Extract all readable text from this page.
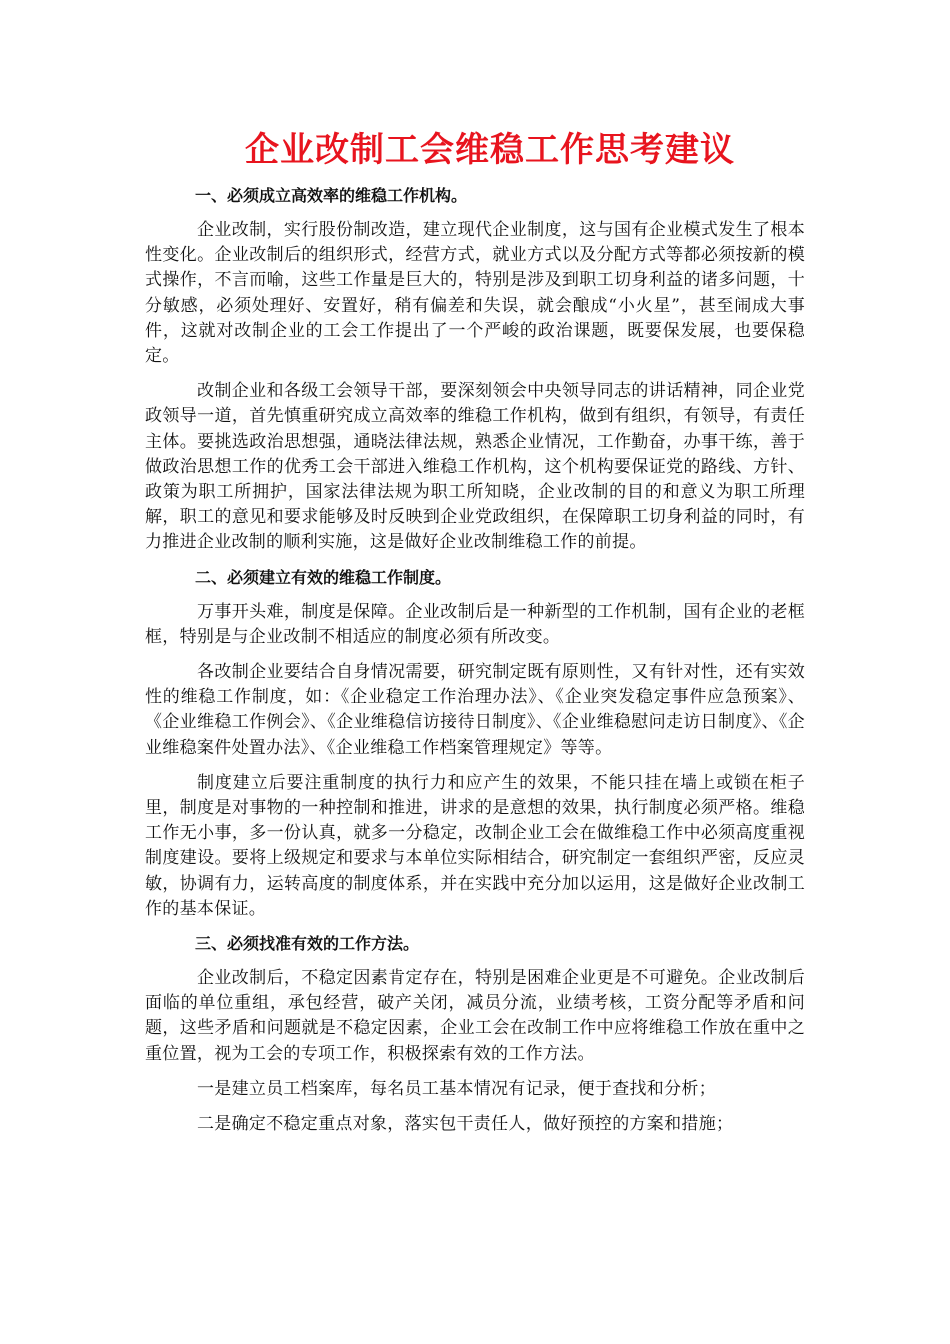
企业改制工会维稳工作思考建议

一、必须成立高效率的维稳工作机构。

企业改制，实行股份制改造，建立现代企业制度，这与国有企业模式发生了根本性变化。企业改制后的组织形式，经营方式，就业方式以及分配方式等都必须按新的模式操作，不言而喻，这些工作量是巨大的，特别是涉及到职工切身利益的诸多问题，十分敏感，必须处理好、安置好，稍有偏差和失误，就会酿成“小火星”，甚至闹成大事件，这就对改制企业的工会工作提出了一个严峻的政治课题，既要保发展，也要保稳定。

改制企业和各级工会领导干部，要深刻领会中央领导同志的讲话精神，同企业党政领导一道，首先慎重研究成立高效率的维稳工作机构，做到有组织，有领导，有责任主体。要挑选政治思想强，通晓法律法规，熟悉企业情况，工作勤奋，办事干练，善于做政治思想工作的优秀工会干部进入维稳工作机构，这个机构要保证党的路线、方针、政策为职工所拥护，国家法律法规为职工所知晓，企业改制的目的和意义为职工所理解，职工的意见和要求能够及时反映到企业党政组织，在保障职工切身利益的同时，有力推进企业改制的顺利实施，这是做好企业改制维稳工作的前提。

二、必须建立有效的维稳工作制度。

万事开头难，制度是保障。企业改制后是一种新型的工作机制，国有企业的老框框，特别是与企业改制不相适应的制度必须有所改变。

各改制企业要结合自身情况需要，研究制定既有原则性，又有针对性，还有实效性的维稳工作制度，如：《企业稳定工作治理办法》、《企业突发稳定事件应急预案》、《企业维稳工作例会》、《企业维稳信访接待日制度》、《企业维稳慰问走访日制度》、《企业维稳案件处置办法》、《企业维稳工作档案管理规定》等等。

制度建立后要注重制度的执行力和应产生的效果，不能只挂在墙上或锁在柜子里，制度是对事物的一种控制和推进，讲求的是意想的效果，执行制度必须严格。维稳工作无小事，多一份认真，就多一分稳定，改制企业工会在做维稳工作中必须高度重视制度建设。要将上级规定和要求与本单位实际相结合，研究制定一套组织严密，反应灵敏，协调有力，运转高度的制度体系，并在实践中充分加以运用，这是做好企业改制工作的基本保证。

三、必须找准有效的工作方法。

企业改制后，不稳定因素肯定存在，特别是困难企业更是不可避免。企业改制后面临的单位重组，承包经营，破产关闭，减员分流，业绩考核，工资分配等矛盾和问题，这些矛盾和问题就是不稳定因素，企业工会在改制工作中应将维稳工作放在重中之重位置，视为工会的专项工作，积极探索有效的工作方法。

一是建立员工档案库，每名员工基本情况有记录，便于查找和分析；

二是确定不稳定重点对象，落实包干责任人，做好预控的方案和措施；
